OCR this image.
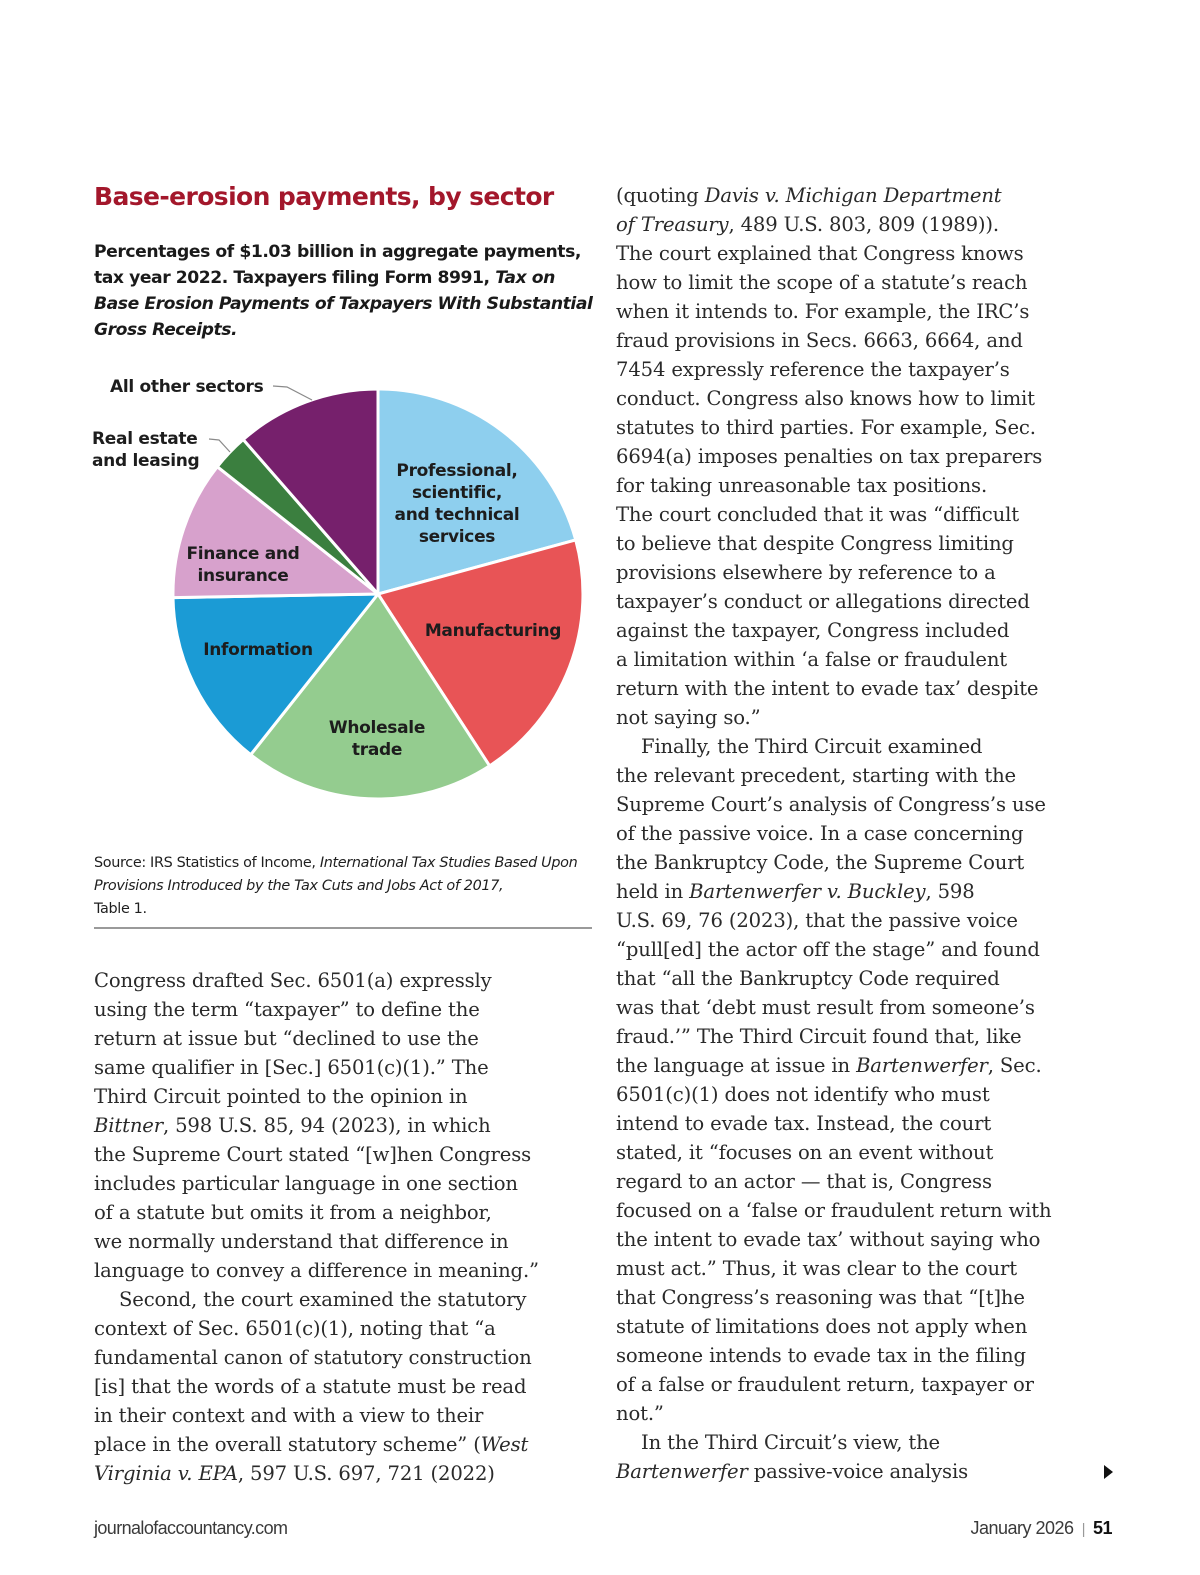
Base-erosion payments, by sector
Percentages of $1.03 billion in aggregate payments, tax year 2022. Taxpayers filing Form 8991, Tax on Base Erosion Payments of Taxpayers With Substantial Gross Receipts.
Professional,
scientific,
and technical
services
Manufacturing
Wholesale
trade
Information
Finance and
insurance
All other sectors
Real estate
and leasing
Source: IRS Statistics of Income, International Tax Studies Based Upon Provisions Introduced by the Tax Cuts and Jobs Act of 2017,
Table 1.
Congress drafted Sec. 6501(a) expressly
using the term “taxpayer” to define the
return at issue but “declined to use the
same qualifier in [Sec.] 6501(c)(1).” The
Third Circuit pointed to the opinion in
Bittner, 598 U.S. 85, 94 (2023), in which
the Supreme Court stated “[w]hen Congress
includes particular language in one section
of a statute but omits it from a neighbor,
we normally understand that difference in
language to convey a difference in meaning.”
Second, the court examined the statutory
context of Sec. 6501(c)(1), noting that “a
fundamental canon of statutory construction
[is] that the words of a statute must be read
in their context and with a view to their
place in the overall statutory scheme” (West
Virginia v. EPA, 597 U.S. 697, 721 (2022)
(quoting Davis v. Michigan Department
of Treasury, 489 U.S. 803, 809 (1989)).
The court explained that Congress knows
how to limit the scope of a statute’s reach
when it intends to. For example, the IRC’s
fraud provisions in Secs. 6663, 6664, and
7454 expressly reference the taxpayer’s
conduct. Congress also knows how to limit
statutes to third parties. For example, Sec.
6694(a) imposes penalties on tax preparers
for taking unreasonable tax positions.
The court concluded that it was “difficult
to believe that despite Congress limiting
provisions elsewhere by reference to a
taxpayer’s conduct or allegations directed
against the taxpayer, Congress included
a limitation within ‘a false or fraudulent
return with the intent to evade tax’ despite
not saying so.”
Finally, the Third Circuit examined
the relevant precedent, starting with the
Supreme Court’s analysis of Congress’s use
of the passive voice. In a case concerning
the Bankruptcy Code, the Supreme Court
held in Bartenwerfer v. Buckley, 598
U.S. 69, 76 (2023), that the passive voice
“pull[ed] the actor off the stage” and found
that “all the Bankruptcy Code required
was that ‘debt must result from someone’s
fraud.’” The Third Circuit found that, like
the language at issue in Bartenwerfer, Sec.
6501(c)(1) does not identify who must
intend to evade tax. Instead, the court
stated, it “focuses on an event without
regard to an actor — that is, Congress
focused on a ‘false or fraudulent return with
the intent to evade tax’ without saying who
must act.” Thus, it was clear to the court
that Congress’s reasoning was that “[t]he
statute of limitations does not apply when
someone intends to evade tax in the filing
of a false or fraudulent return, taxpayer or
not.”
In the Third Circuit’s view, the
Bartenwerfer passive-voice analysis
journalofaccountancy.com	January 2026 | 51
